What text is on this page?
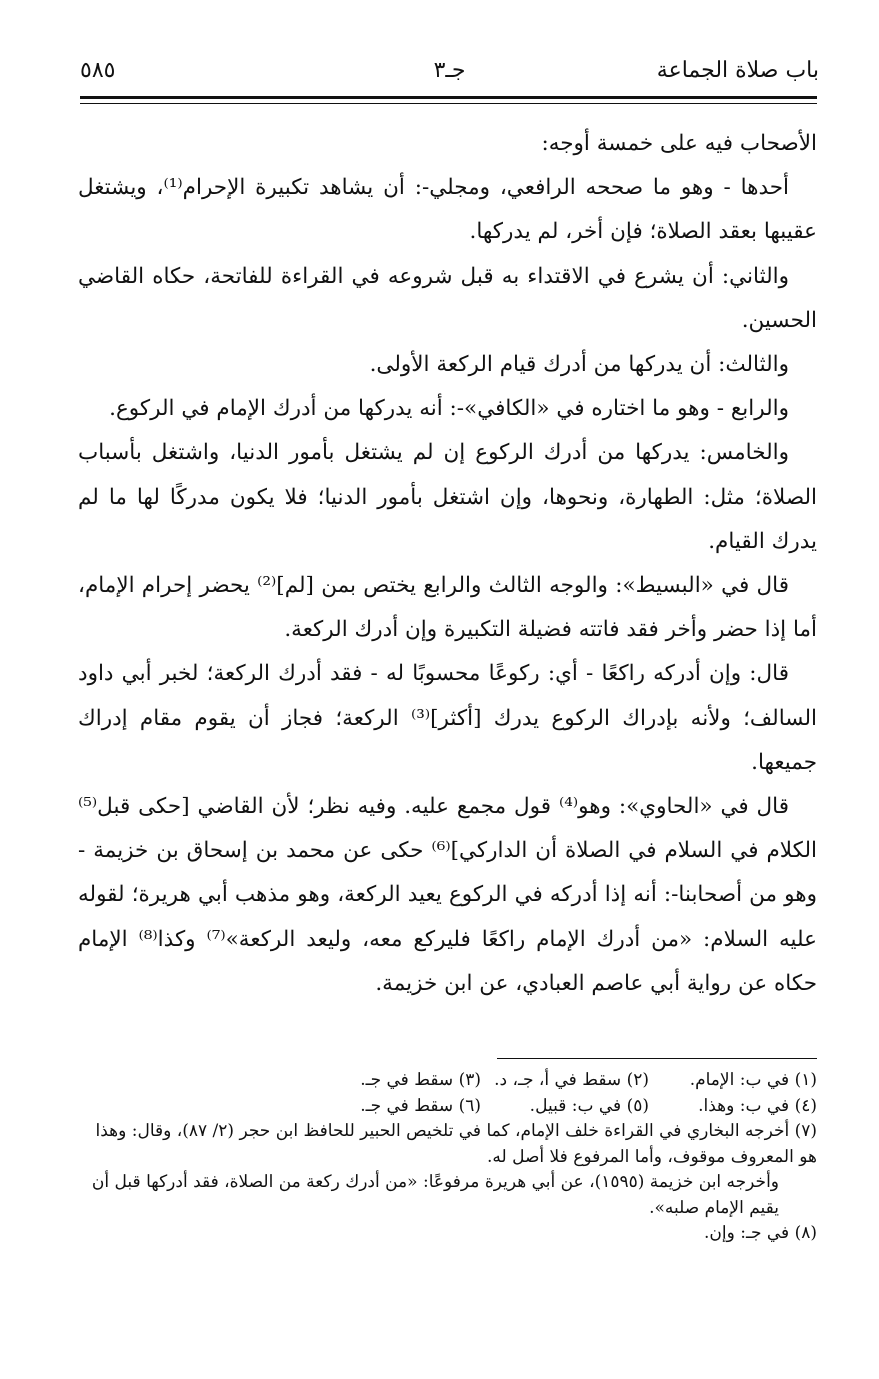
باب صلاة الجماعة
جـ٣
٥٨٥

الأصحاب فيه على خمسة أوجه:

أحدها - وهو ما صححه الرافعي، ومجلي-: أن يشاهد تكبيرة الإحرام⁽¹⁾، ويشتغل عقيبها بعقد الصلاة؛ فإن أخر، لم يدركها.

والثاني: أن يشرع في الاقتداء به قبل شروعه في القراءة للفاتحة، حكاه القاضي الحسين.

والثالث: أن يدركها من أدرك قيام الركعة الأولى.

والرابع - وهو ما اختاره في «الكافي»-: أنه يدركها من أدرك الإمام في الركوع.

والخامس: يدركها من أدرك الركوع إن لم يشتغل بأمور الدنيا، واشتغل بأسباب الصلاة؛ مثل: الطهارة، ونحوها، وإن اشتغل بأمور الدنيا؛ فلا يكون مدركًا لها ما لم يدرك القيام.

قال في «البسيط»: والوجه الثالث والرابع يختص بمن [لم]⁽²⁾ يحضر إحرام الإمام، أما إذا حضر وأخر فقد فاتته فضيلة التكبيرة وإن أدرك الركعة.

قال: وإن أدركه راكعًا - أي: ركوعًا محسوبًا له - فقد أدرك الركعة؛ لخبر أبي داود السالف؛ ولأنه بإدراك الركوع يدرك [أكثر]⁽³⁾ الركعة؛ فجاز أن يقوم مقام إدراك جميعها.

قال في «الحاوي»: وهو⁽⁴⁾ قول مجمع عليه. وفيه نظر؛ لأن القاضي [حكى قبل⁽⁵⁾ الكلام في السلام في الصلاة أن الداركي]⁽⁶⁾ حكى عن محمد بن إسحاق بن خزيمة - وهو من أصحابنا-: أنه إذا أدركه في الركوع يعيد الركعة، وهو مذهب أبي هريرة؛ لقوله عليه السلام: «من أدرك الإمام راكعًا فليركع معه، وليعد الركعة»⁽⁷⁾ وكذا⁽⁸⁾ الإمام حكاه عن رواية أبي عاصم العبادي، عن ابن خزيمة.

(١) في ب: الإمام.
(٢) سقط في أ، جـ، د.
(٣) سقط في جـ.
(٤) في ب: وهذا.
(٥) في ب: قبيل.
(٦) سقط في جـ.

(٧) أخرجه البخاري في القراءة خلف الإمام، كما في تلخيص الحبير للحافظ ابن حجر (٢/ ٨٧)، وقال: وهذا هو المعروف موقوف، وأما المرفوع فلا أصل له.

وأخرجه ابن خزيمة (١٥٩٥)، عن أبي هريرة مرفوعًا: «من أدرك ركعة من الصلاة، فقد أدركها قبل أن يقيم الإمام صلبه».

(٨) في جـ: وإن.
